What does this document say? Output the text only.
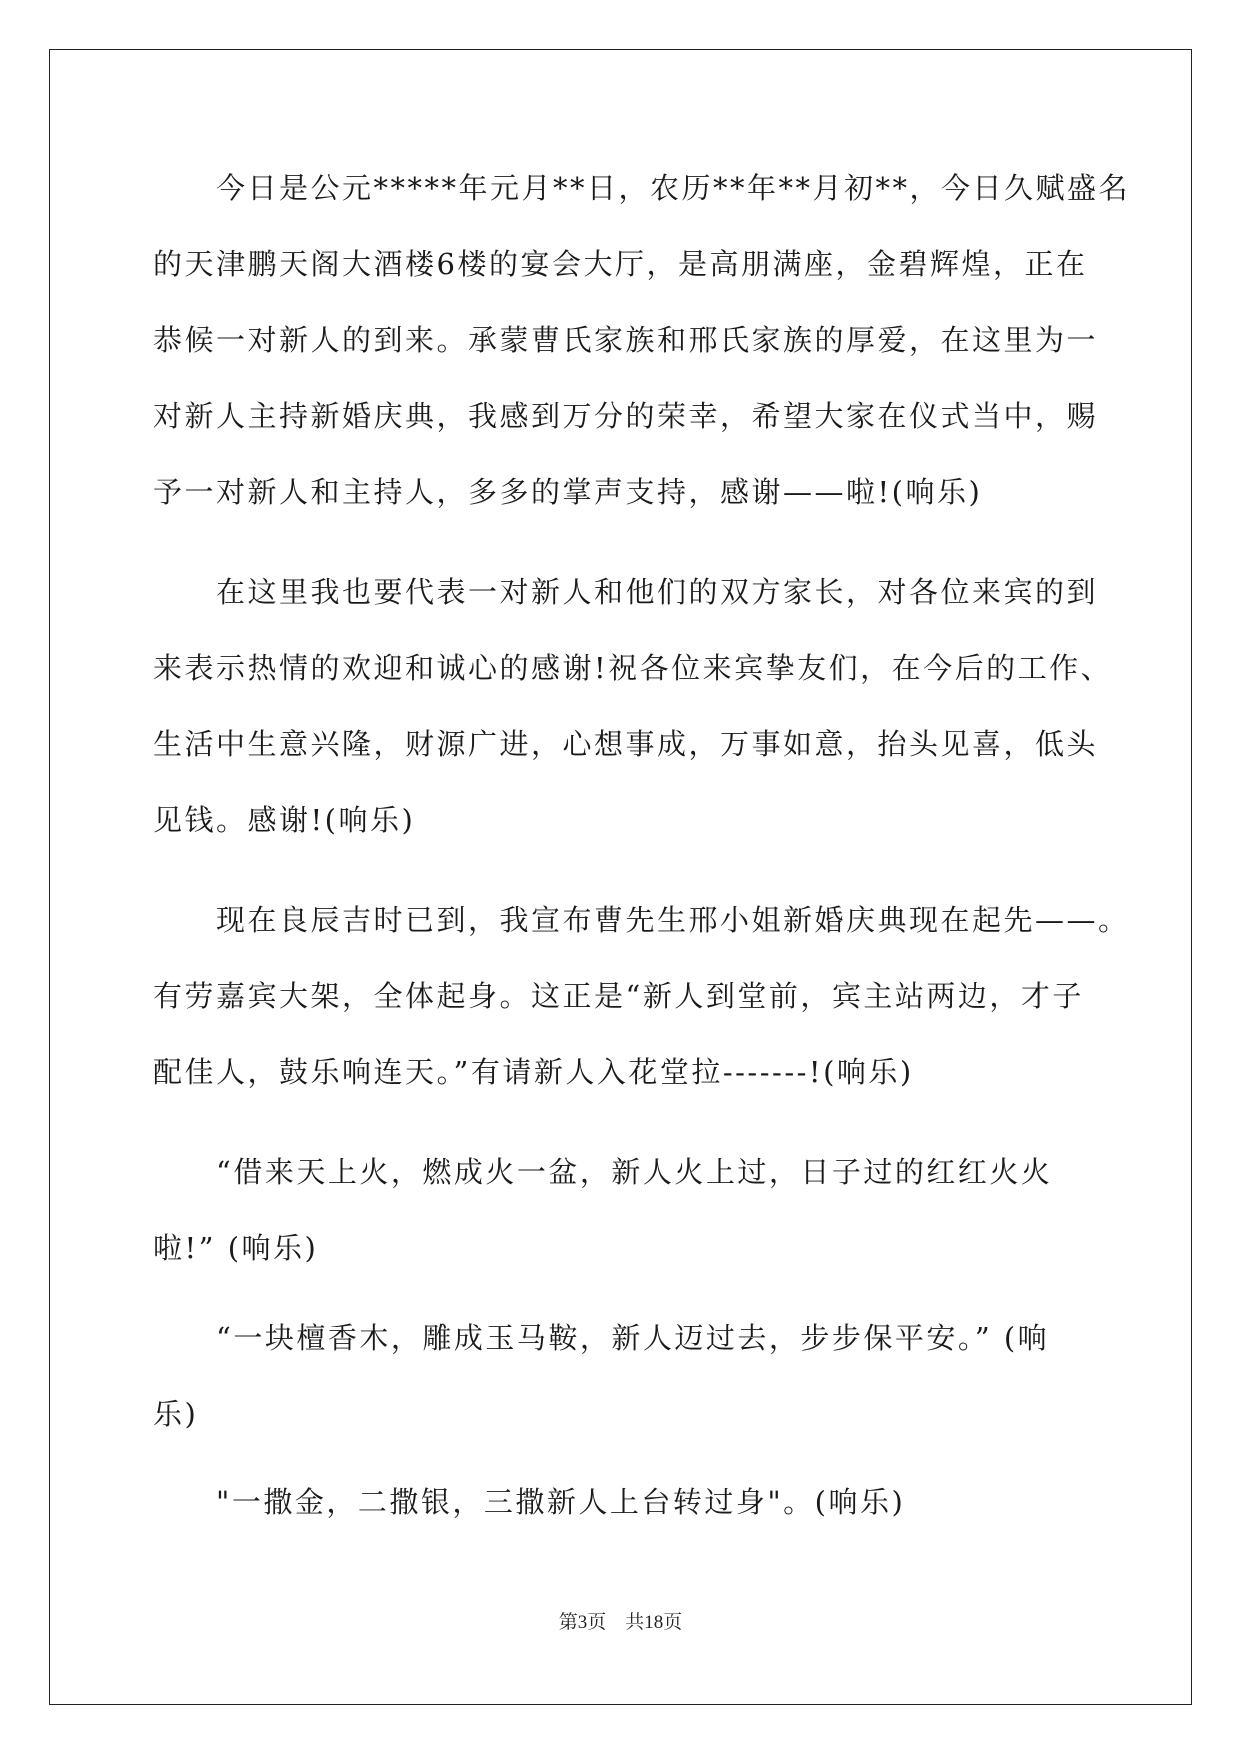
　　今日是公元*****年元月**日，农历**年**月初**，今日久赋盛名
的天津鹏天阁大酒楼6楼的宴会大厅，是高朋满座，金碧辉煌，正在
恭候一对新人的到来。承蒙曹氏家族和邢氏家族的厚爱，在这里为一
对新人主持新婚庆典，我感到万分的荣幸，希望大家在仪式当中，赐
予一对新人和主持人，多多的掌声支持，感谢——啦!(响乐)
　　在这里我也要代表一对新人和他们的双方家长，对各位来宾的到
来表示热情的欢迎和诚心的感谢!祝各位来宾挚友们，在今后的工作、
生活中生意兴隆，财源广进，心想事成，万事如意，抬头见喜，低头
见钱。感谢!(响乐)
　　现在良辰吉时已到，我宣布曹先生邢小姐新婚庆典现在起先——。
有劳嘉宾大架，全体起身。这正是“新人到堂前，宾主站两边，才子
配佳人，鼓乐响连天。”有请新人入花堂拉-------!(响乐)
　　“借来天上火，燃成火一盆，新人火上过，日子过的红红火火
啦!” (响乐)
　　“一块檀香木，雕成玉马鞍，新人迈过去，步步保平安。” (响
乐)
　　"一撒金，二撒银，三撒新人上台转过身"。(响乐)
第3页 共18页
